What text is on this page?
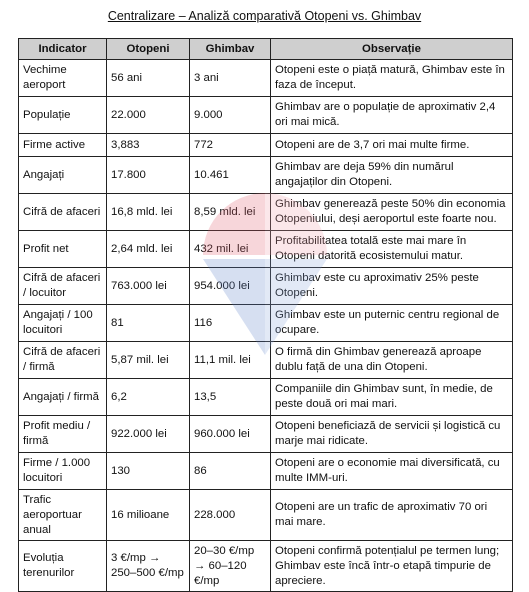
Centralizare – Analiză comparativă Otopeni vs. Ghimbav
Indicator	Otopeni	Ghimbav	Observație
Vechime aeroport	56 ani	3 ani	Otopeni este o piață matură, Ghimbav este în faza de început.
Populație	22.000	9.000	Ghimbav are o populație de aproximativ 2,4 ori mai mică.
Firme active	3,883	772	Otopeni are de 3,7 ori mai multe firme.
Angajați	17.800	10.461	Ghimbav are deja 59% din numărul angajaților din Otopeni.
Cifră de afaceri	16,8 mld. lei	8,59 mld. lei	Ghimbav generează peste 50% din economia Otopeniului, deși aeroportul este foarte nou.
Profit net	2,64 mld. lei	432 mil. lei	Profitabilitatea totală este mai mare în Otopeni datorită ecosistemului matur.
Cifră de afaceri / locuitor	763.000 lei	954.000 lei	Ghimbav este cu aproximativ 25% peste Otopeni.
Angajați / 100 locuitori	81	116	Ghimbav este un puternic centru regional de ocupare.
Cifră de afaceri / firmă	5,87 mil. lei	11,1 mil. lei	O firmă din Ghimbav generează aproape dublu față de una din Otopeni.
Angajați / firmă	6,2	13,5	Companiile din Ghimbav sunt, în medie, de peste două ori mai mari.
Profit mediu / firmă	922.000 lei	960.000 lei	Otopeni beneficiază de servicii și logistică cu marje mai ridicate.
Firme / 1.000 locuitori	130	86	Otopeni are o economie mai diversificată, cu multe IMM-uri.
Trafic aeroportuar anual	16 milioane	228.000	Otopeni are un trafic de aproximativ 70 ori mai mare.
Evoluția terenurilor	3 €/mp → 250–500 €/mp	20–30 €/mp → 60–120 €/mp	Otopeni confirmă potențialul pe termen lung; Ghimbav este încă într-o etapă timpurie de apreciere.
